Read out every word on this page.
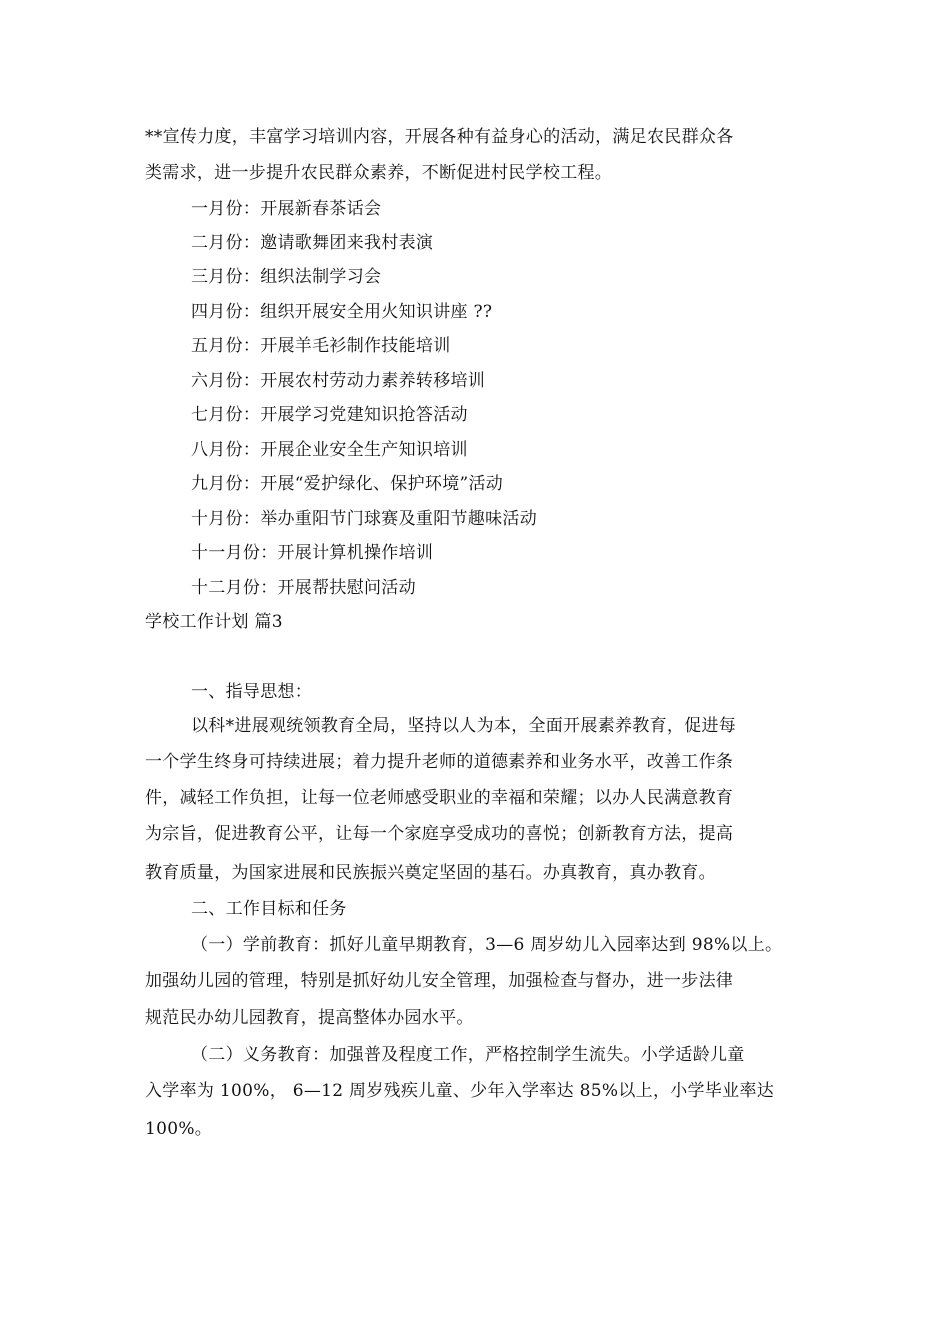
**宣传力度，丰富学习培训内容，开展各种有益身心的活动，满足农民群众各
类需求，进一步提升农民群众素养，不断促进村民学校工程。
一月份：开展新春茶话会
二月份：邀请歌舞团来我村表演
三月份：组织法制学习会
四月份：组织开展安全用火知识讲座 ??
五月份：开展羊毛衫制作技能培训
六月份：开展农村劳动力素养转移培训
七月份：开展学习党建知识抢答活动
八月份：开展企业安全生产知识培训
九月份：开展“爱护绿化、保护环境”活动
十月份：举办重阳节门球赛及重阳节趣味活动
十一月份：开展计算机操作培训
十二月份：开展帮扶慰问活动
学校工作计划 篇3
一、指导思想：
以科*进展观统领教育全局，坚持以人为本，全面开展素养教育，促进每
一个学生终身可持续进展；着力提升老师的道德素养和业务水平，改善工作条
件，减轻工作负担，让每一位老师感受职业的幸福和荣耀；以办人民满意教育
为宗旨，促进教育公平，让每一个家庭享受成功的喜悦；创新教育方法，提高
教育质量，为国家进展和民族振兴奠定坚固的基石。办真教育，真办教育。
二、工作目标和任务
（一）学前教育：抓好儿童早期教育，3—6 周岁幼儿入园率达到 98%以上。
加强幼儿园的管理，特别是抓好幼儿安全管理，加强检查与督办，进一步法律
规范民办幼儿园教育，提高整体办园水平。
（二）义务教育：加强普及程度工作，严格控制学生流失。小学适龄儿童
入学率为 100%， 6—12 周岁残疾儿童、少年入学率达 85%以上，小学毕业率达
100%。
